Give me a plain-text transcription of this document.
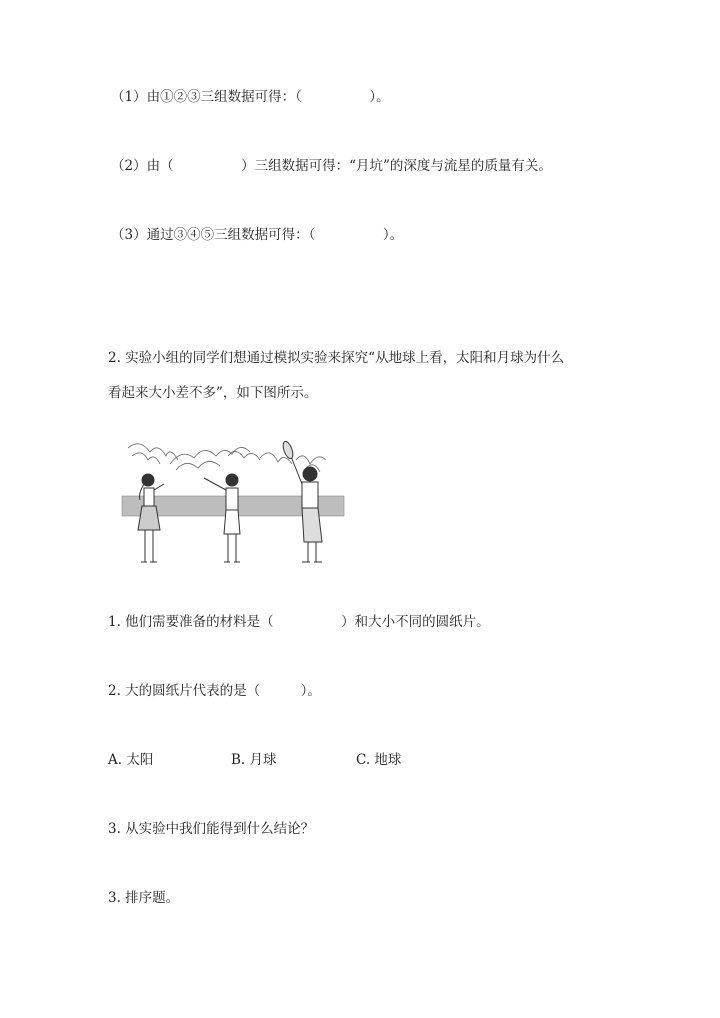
（1）由①②③三组数据可得：（　　　　　）。
（2）由（　　　　　）三组数据可得：“月坑”的深度与流星的质量有关。
（3）通过③④⑤三组数据可得：（　　　　　）。
2. 实验小组的同学们想通过模拟实验来探究“从地球上看，太阳和月球为什么
看起来大小差不多”，如下图所示。
1. 他们需要准备的材料是（　　　　　）和大小不同的圆纸片。
2. 大的圆纸片代表的是（　　　）。
A. 太阳	B. 月球	C. 地球
3. 从实验中我们能得到什么结论？
3. 排序题。
